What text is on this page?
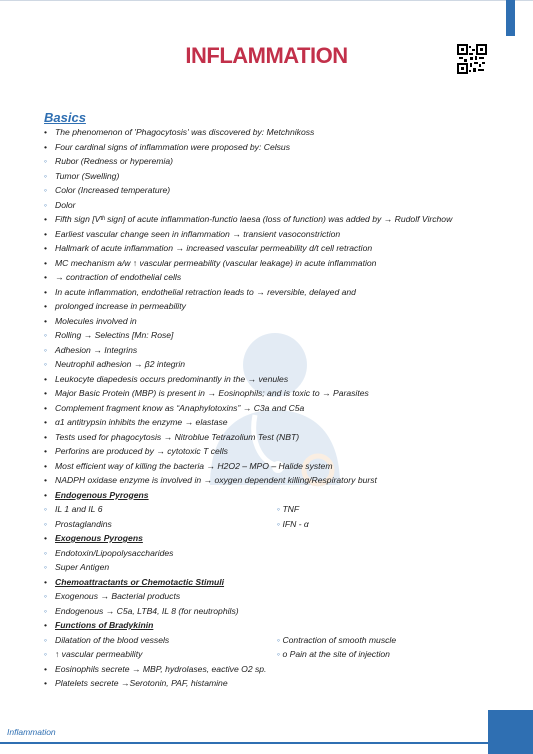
INFLAMMATION
Basics
• The phenomenon of 'Phagocytosis' was discovered by: Metchnikoss
• Four cardinal signs of inflammation were proposed by: Celsus
◦ Rubor (Redness or hyperemia)
◦ Tumor (Swelling)
◦ Color (Increased temperature)
◦ Dolor
• Fifth sign [Vᵗʰ sign] of acute inflammation-functio laesa (loss of function) was added by → Rudolf Virchow
• Earliest vascular change seen in inflammation → transient vasoconstriction
• Hallmark of acute inflammation → increased vascular permeability d/t cell retraction
• MC mechanism a/w ↑ vascular permeability (vascular leakage) in acute inflammation
• → contraction of endothelial cells
• In acute inflammation, endothelial retraction leads to → reversible, delayed and
• prolonged increase in permeability
• Molecules involved in
◦ Rolling → Selectins [Mn: Rose]
◦ Adhesion → Integrins
◦ Neutrophil adhesion → β2 integrin
• Leukocyte diapedesis occurs predominantly in the → venules
• Major Basic Protein (MBP) is present in → Eosinophils; and is toxic to → Parasites
• Complement fragment know as “Anaphylotoxins” → C3a and C5a
• α1 antitrypsin inhibits the enzyme → elastase
• Tests used for phagocytosis → Nitroblue Tetrazolium Test (NBT)
• Perforins are produced by → cytotoxic T cells
• Most efficient way of killing the bacteria → H2O2 – MPO – Halide system
• NADPH oxidase enzyme is involved in → oxygen dependent killing/Respiratory burst
• Endogenous Pyrogens
◦ IL 1 and IL 6	◦ TNF
◦ Prostaglandins	◦ IFN - α
• Exogenous Pyrogens
◦ Endotoxin/Lipopolysaccharides
◦ Super Antigen
• Chemoattractants or Chemotactic Stimuli
◦ Exogenous → Bacterial products
◦ Endogenous → C5a, LTB4, IL 8 (for neutrophils)
• Functions of Bradykinin
◦ Dilatation of the blood vessels	◦ Contraction of smooth muscle
◦ ↑ vascular permeability	◦ o Pain at the site of injection
• Eosinophils secrete → MBP, hydrolases, eactive O2 sp.
• Platelets secrete →Serotonin, PAF, histamine
Inflammation
